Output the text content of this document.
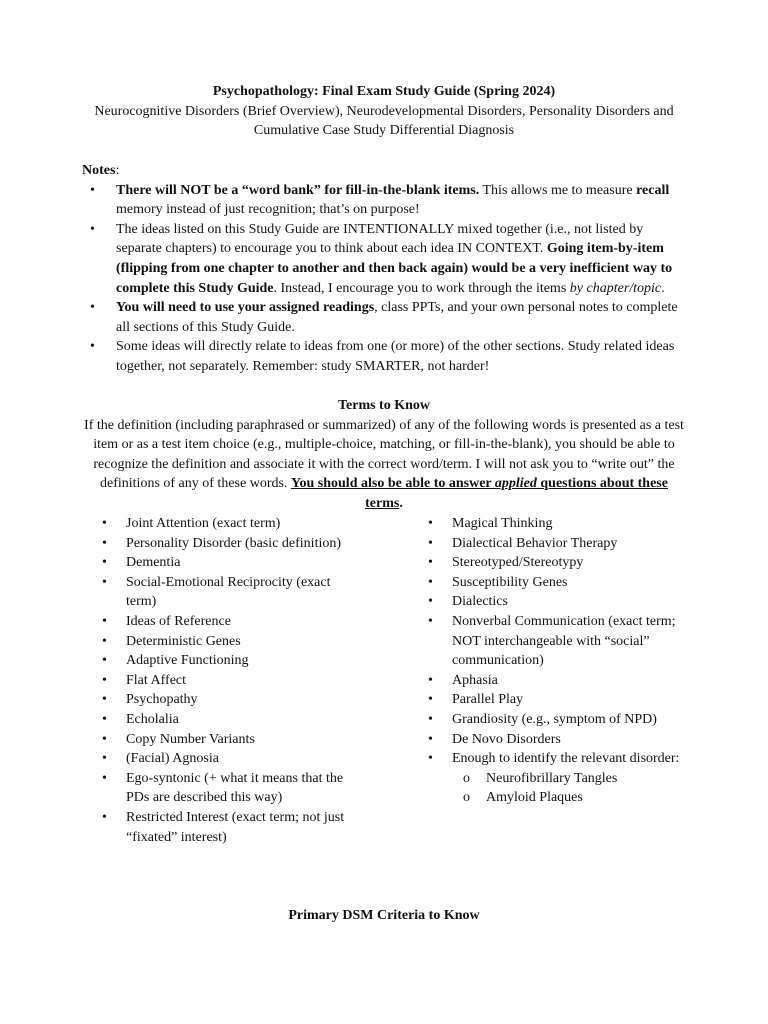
Psychopathology: Final Exam Study Guide (Spring 2024)
Neurocognitive Disorders (Brief Overview), Neurodevelopmental Disorders, Personality Disorders and
Cumulative Case Study Differential Diagnosis
Notes:
• There will NOT be a “word bank” for fill-in-the-blank items. This allows me to measure recall memory instead of just recognition; that’s on purpose!
• The ideas listed on this Study Guide are INTENTIONALLY mixed together (i.e., not listed by separate chapters) to encourage you to think about each idea IN CONTEXT. Going item-by-item (flipping from one chapter to another and then back again) would be a very inefficient way to complete this Study Guide. Instead, I encourage you to work through the items by chapter/topic.
• You will need to use your assigned readings, class PPTs, and your own personal notes to complete all sections of this Study Guide.
• Some ideas will directly relate to ideas from one (or more) of the other sections. Study related ideas together, not separately. Remember: study SMARTER, not harder!
Terms to Know
If the definition (including paraphrased or summarized) of any of the following words is presented as a test item or as a test item choice (e.g., multiple-choice, matching, or fill-in-the-blank), you should be able to recognize the definition and associate it with the correct word/term. I will not ask you to “write out” the definitions of any of these words. You should also be able to answer applied questions about these terms.
• Joint Attention (exact term)
• Personality Disorder (basic definition)
• Dementia
• Social-Emotional Reciprocity (exact term)
• Ideas of Reference
• Deterministic Genes
• Adaptive Functioning
• Flat Affect
• Psychopathy
• Echolalia
• Copy Number Variants
• (Facial) Agnosia
• Ego-syntonic (+ what it means that the PDs are described this way)
• Restricted Interest (exact term; not just “fixated” interest)
• Magical Thinking
• Dialectical Behavior Therapy
• Stereotyped/Stereotypy
• Susceptibility Genes
• Dialectics
• Nonverbal Communication (exact term; NOT interchangeable with “social” communication)
• Aphasia
• Parallel Play
• Grandiosity (e.g., symptom of NPD)
• De Novo Disorders
• Enough to identify the relevant disorder:
o Neurofibrillary Tangles
o Amyloid Plaques
Primary DSM Criteria to Know
